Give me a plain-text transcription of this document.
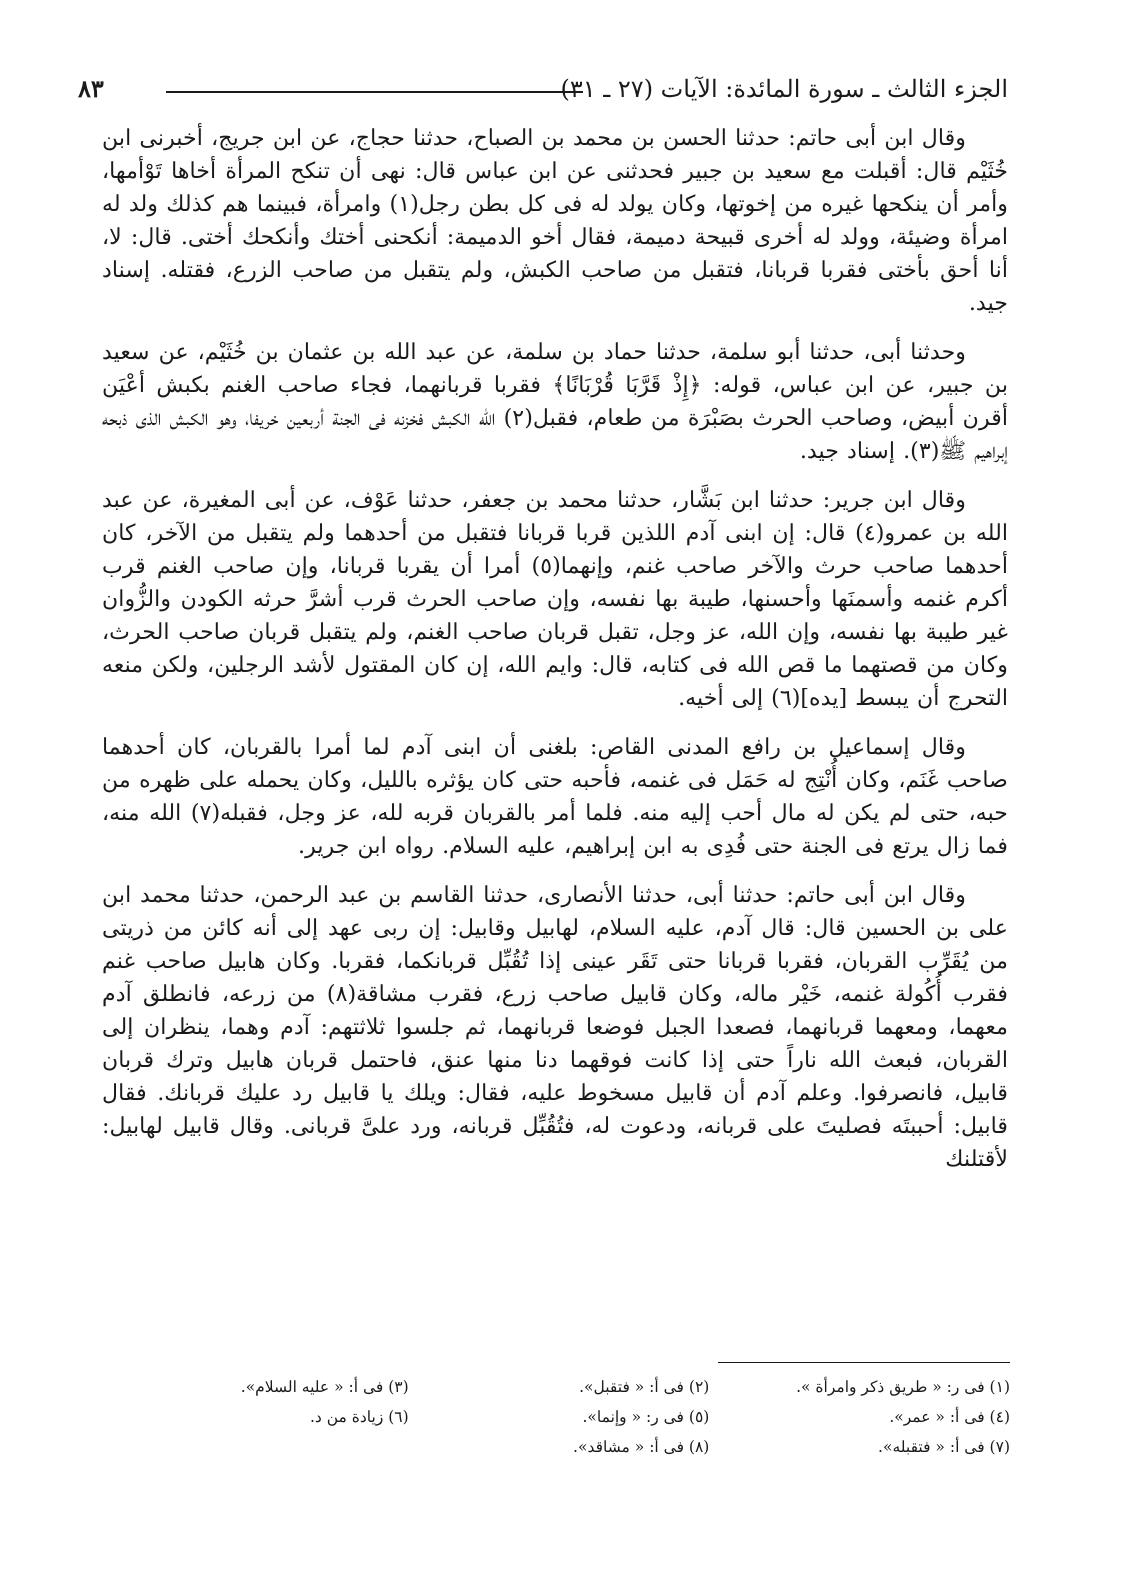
الجزء الثالث ـ سورة المائدة: الآيات (٢٧ ـ ٣١)
٨٣

وقال ابن أبى حاتم: حدثنا الحسن بن محمد بن الصباح، حدثنا حجاج، عن ابن جريج، أخبرنى ابن خُثَيْم قال: أقبلت مع سعيد بن جبير فحدثنى عن ابن عباس قال: نهى أن تنكح المرأة أخاها تَوْأمها، وأمر أن ينكحها غيره من إخوتها، وكان يولد له فى كل بطن رجل(١) وامرأة، فبينما هم كذلك ولد له امرأة وضيئة، وولد له أخرى قبيحة دميمة، فقال أخو الدميمة: أنكحنى أختك وأنكحك أختى. قال: لا، أنا أحق بأختى فقربا قربانا، فتقبل من صاحب الكبش، ولم يتقبل من صاحب الزرع، فقتله. إسناد جيد.

وحدثنا أبى، حدثنا أبو سلمة، حدثنا حماد بن سلمة، عن عبد الله بن عثمان بن خُثَيْم، عن سعيد بن جبير، عن ابن عباس، قوله: ﴿إِذْ قَرَّبَا قُرْبَانًا﴾ فقربا قربانهما، فجاء صاحب الغنم بكبش أعْيَن أقرن أبيض، وصاحب الحرث بصَبْرَة من طعام، فقبل(٢) الله الكبش فخزنه فى الجنة أربعين خريفا، وهو الكبش الذى ذبحه إبراهيم ﷺ(٣). إسناد جيد.

وقال ابن جرير: حدثنا ابن بَشَّار، حدثنا محمد بن جعفر، حدثنا عَوْف، عن أبى المغيرة، عن عبد الله بن عمرو(٤) قال: إن ابنى آدم اللذين قربا قربانا فتقبل من أحدهما ولم يتقبل من الآخر، كان أحدهما صاحب حرث والآخر صاحب غنم، وإنهما(٥) أمرا أن يقربا قربانا، وإن صاحب الغنم قرب أكرم غنمه وأسمنَها وأحسنها، طيبة بها نفسه، وإن صاحب الحرث قرب أشرَّ حرثه الكودن والزُّوان غير طيبة بها نفسه، وإن الله، عز وجل، تقبل قربان صاحب الغنم، ولم يتقبل قربان صاحب الحرث، وكان من قصتهما ما قص الله فى كتابه، قال: وايم الله، إن كان المقتول لأشد الرجلين، ولكن منعه التحرج أن يبسط [يده](٦) إلى أخيه.

وقال إسماعيل بن رافع المدنى القاص: بلغنى أن ابنى آدم لما أمرا بالقربان، كان أحدهما صاحب غَنَم، وكان أُنْتِج له حَمَل فى غنمه، فأحبه حتى كان يؤثره بالليل، وكان يحمله على ظهره من حبه، حتى لم يكن له مال أحب إليه منه. فلما أمر بالقربان قربه لله، عز وجل، فقبله(٧) الله منه، فما زال يرتع فى الجنة حتى فُدِى به ابن إبراهيم، عليه السلام. رواه ابن جرير.

وقال ابن أبى حاتم: حدثنا أبى، حدثنا الأنصارى، حدثنا القاسم بن عبد الرحمن، حدثنا محمد ابن على بن الحسين قال: قال آدم، عليه السلام، لهابيل وقابيل: إن ربى عهد إلى أنه كائن من ذريتى من يُقَرِّب القربان، فقربا قربانا حتى تَقَر عينى إذا تُقُبِّل قربانكما، فقربا. وكان هابيل صاحب غنم فقرب أُكُولة غنمه، خَيْر ماله، وكان قابيل صاحب زرع، فقرب مشاقة(٨) من زرعه، فانطلق آدم معهما، ومعهما قربانهما، فصعدا الجبل فوضعا قربانهما، ثم جلسوا ثلاثتهم: آدم وهما، ينظران إلى القربان، فبعث الله ناراً حتى إذا كانت فوقهما دنا منها عنق، فاحتمل قربان هابيل وترك قربان قابيل، فانصرفوا. وعلم آدم أن قابيل مسخوط عليه، فقال: ويلك يا قابيل رد عليك قربانك. فقال قابيل: أحببتَه فصليتَ على قربانه، ودعوت له، فتُقُبِّل قربانه، ورد علىَّ قربانى. وقال قابيل لهابيل: لأقتلنك

(١) فى ر: « طريق ذكر وامرأة ».
(٢) فى أ: « فتقبل».
(٣) فى أ: « عليه السلام».
(٤) فى أ: « عمر».
(٥) فى ر: « وإنما».
(٦) زيادة من د.
(٧) فى أ: « فتقبله».
(٨) فى أ: « مشاقد».
